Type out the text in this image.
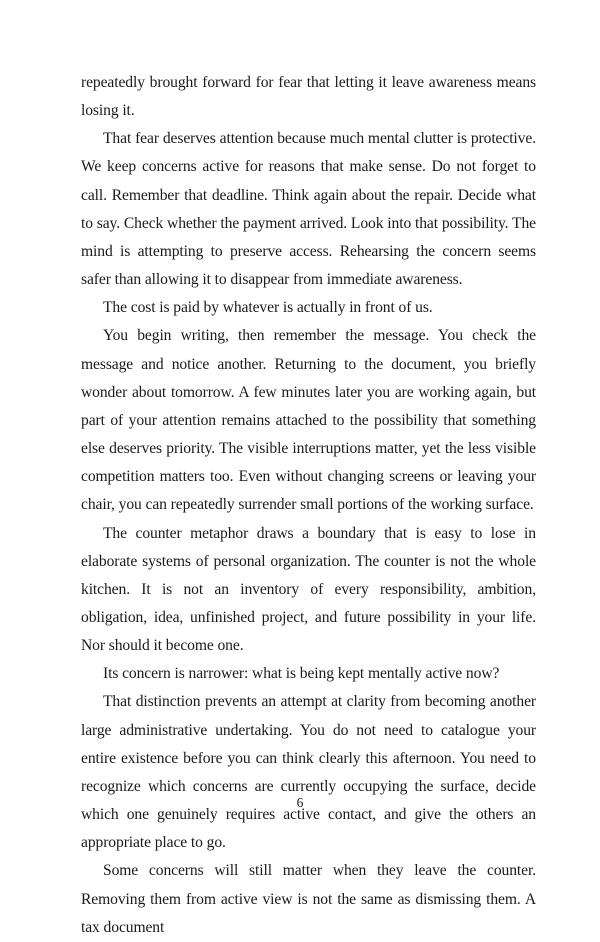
repeatedly brought forward for fear that letting it leave awareness means losing it.

That fear deserves attention because much mental clutter is protective. We keep concerns active for reasons that make sense. Do not forget to call. Remember that deadline. Think again about the repair. Decide what to say. Check whether the payment arrived. Look into that possibility. The mind is attempting to preserve access. Rehearsing the concern seems safer than allowing it to disappear from immediate awareness.

The cost is paid by whatever is actually in front of us.

You begin writing, then remember the message. You check the message and notice another. Returning to the document, you briefly wonder about tomorrow. A few minutes later you are working again, but part of your attention remains attached to the possibility that something else deserves priority. The visible interruptions matter, yet the less visible competition matters too. Even without changing screens or leaving your chair, you can repeatedly surrender small portions of the working surface.

The counter metaphor draws a boundary that is easy to lose in elaborate systems of personal organization. The counter is not the whole kitchen. It is not an inventory of every responsibility, ambition, obligation, idea, unfinished project, and future possibility in your life. Nor should it become one.

Its concern is narrower: what is being kept mentally active now?

That distinction prevents an attempt at clarity from becoming another large administrative undertaking. You do not need to catalogue your entire existence before you can think clearly this afternoon. You need to recognize which concerns are currently occupying the surface, decide which one genuinely requires active contact, and give the others an appropriate place to go.

Some concerns will still matter when they leave the counter. Removing them from active view is not the same as dismissing them. A tax document

6
